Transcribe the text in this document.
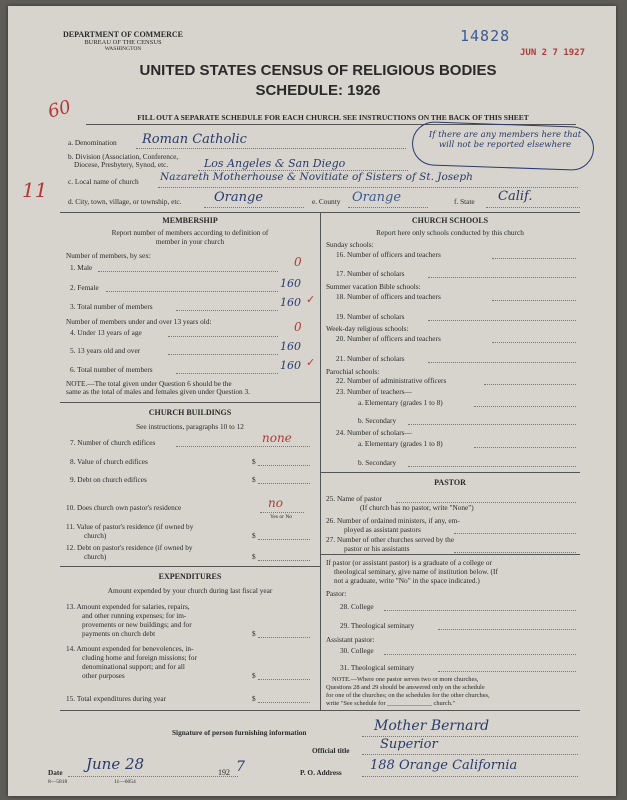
DEPARTMENT OF COMMERCE
BUREAU OF THE CENSUS
WASHINGTON
14828
JUN 2 7 1927
UNITED STATES CENSUS OF RELIGIOUS BODIES
SCHEDULE: 1926
60	FILL OUT A SEPARATE SCHEDULE FOR EACH CHURCH. SEE INSTRUCTIONS ON THE BACK OF THIS SHEET
a. Denomination Roman Catholic
b. Division (Association, Conference,
Diocese, Presbytery, Synod, etc.	Los Angeles & San Diego
If there are any members here that will not be reported elsewhere
c. Local name of church Nazareth Motherhouse & Novitiate of Sisters of St. Joseph
11	d. City, town, village, or township, etc.	Orange	e. County Orange	f. State Calif.
MEMBERSHIP
Report number of members according to definition of
member in your church
Number of members, by sex:
1. Male	0
2. Female	160
3. Total number of members	160 ✓
Number of members under and over 13 years old:
4. Under 13 years of age	0
5. 13 years old and over	160
6. Total number of members	160 ✓
NOTE.—The total given under Question 6 should be the
same as the total of males and females given under Question 3.
CHURCH BUILDINGS
See instructions, paragraphs 10 to 12
7. Number of church edifices	none
8. Value of church edifices	$
9. Debt on church edifices	$
10. Does church own pastor's residence	no
Yes or No
11. Value of pastor's residence (if owned by
church)	$
12. Debt on pastor's residence (if owned by
church)	$
EXPENDITURES
Amount expended by your church during last fiscal year
13. Amount expended for salaries, repairs,
and other running expenses; for im-
provements or new buildings; and for
payments on church debt	$
14. Amount expended for benevolences, in-
cluding home and foreign missions; for
denominational support; and for all
other purposes	$
15. Total expenditures during year	$
CHURCH SCHOOLS
Report here only schools conducted by this church
Sunday schools:
16. Number of officers and teachers
17. Number of scholars
Summer vacation Bible schools:
18. Number of officers and teachers
19. Number of scholars
Week-day religious schools:
20. Number of officers and teachers
21. Number of scholars
Parochial schools:
22. Number of administrative officers
23. Number of teachers—
a. Elementary (grades 1 to 8)
b. Secondary
24. Number of scholars—
a. Elementary (grades 1 to 8)
b. Secondary
PASTOR
25. Name of pastor
(If church has no pastor, write "None")
26. Number of ordained ministers, if any, em-
ployed as assistant pastors
27. Number of other churches served by the
pastor or his assistants
If pastor (or assistant pastor) is a graduate of a college or
theological seminary, give name of institution below. (If
not a graduate, write "No" in the space indicated.)
Pastor:
28. College
29. Theological seminary
Assistant pastor:
30. College
31. Theological seminary
NOTE.—Where one pastor serves two or more churches,
Questions 28 and 29 should be answered only on the schedule
for one of the churches; on the schedules for the other churches,
write "See schedule for ______________ church."
Signature of person furnishing information	Mother Bernard
Official title Superior
Date June 28	192 7	P. O. Address 188 Orange California
8—5818	11—6054
